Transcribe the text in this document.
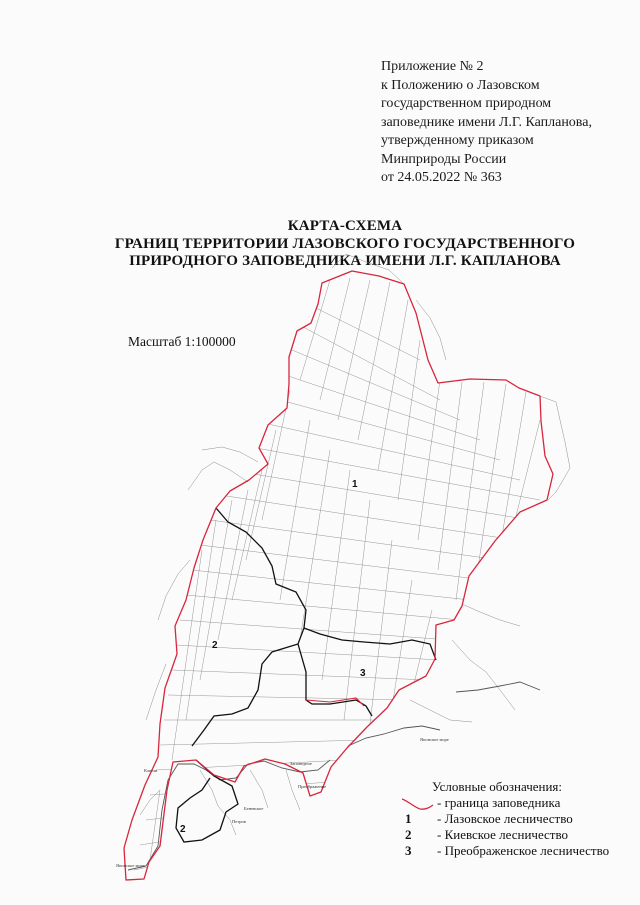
Приложение № 2
к Положению о Лазовском
государственном природном
заповеднике имени Л.Г. Капланова,
утвержденному приказом
Минприроды России
от 24.05.2022 № 363
КАРТА-СХЕМА
ГРАНИЦ ТЕРРИТОРИИ ЛАЗОВСКОГО ГОСУДАРСТВЕННОГО
ПРИРОДНОГО ЗАПОВЕДНИКА ИМЕНИ Л.Г. КАПЛАНОВА
Масштаб 1:100000
1
2
3
2
Японское море
Японское море
Преображение
Ключи
Заповедное
Петров
Беневское
Условные обозначения:
- граница заповедника
1	- Лазовское лесничество
2	- Киевское лесничество
3	- Преображенское лесничество
